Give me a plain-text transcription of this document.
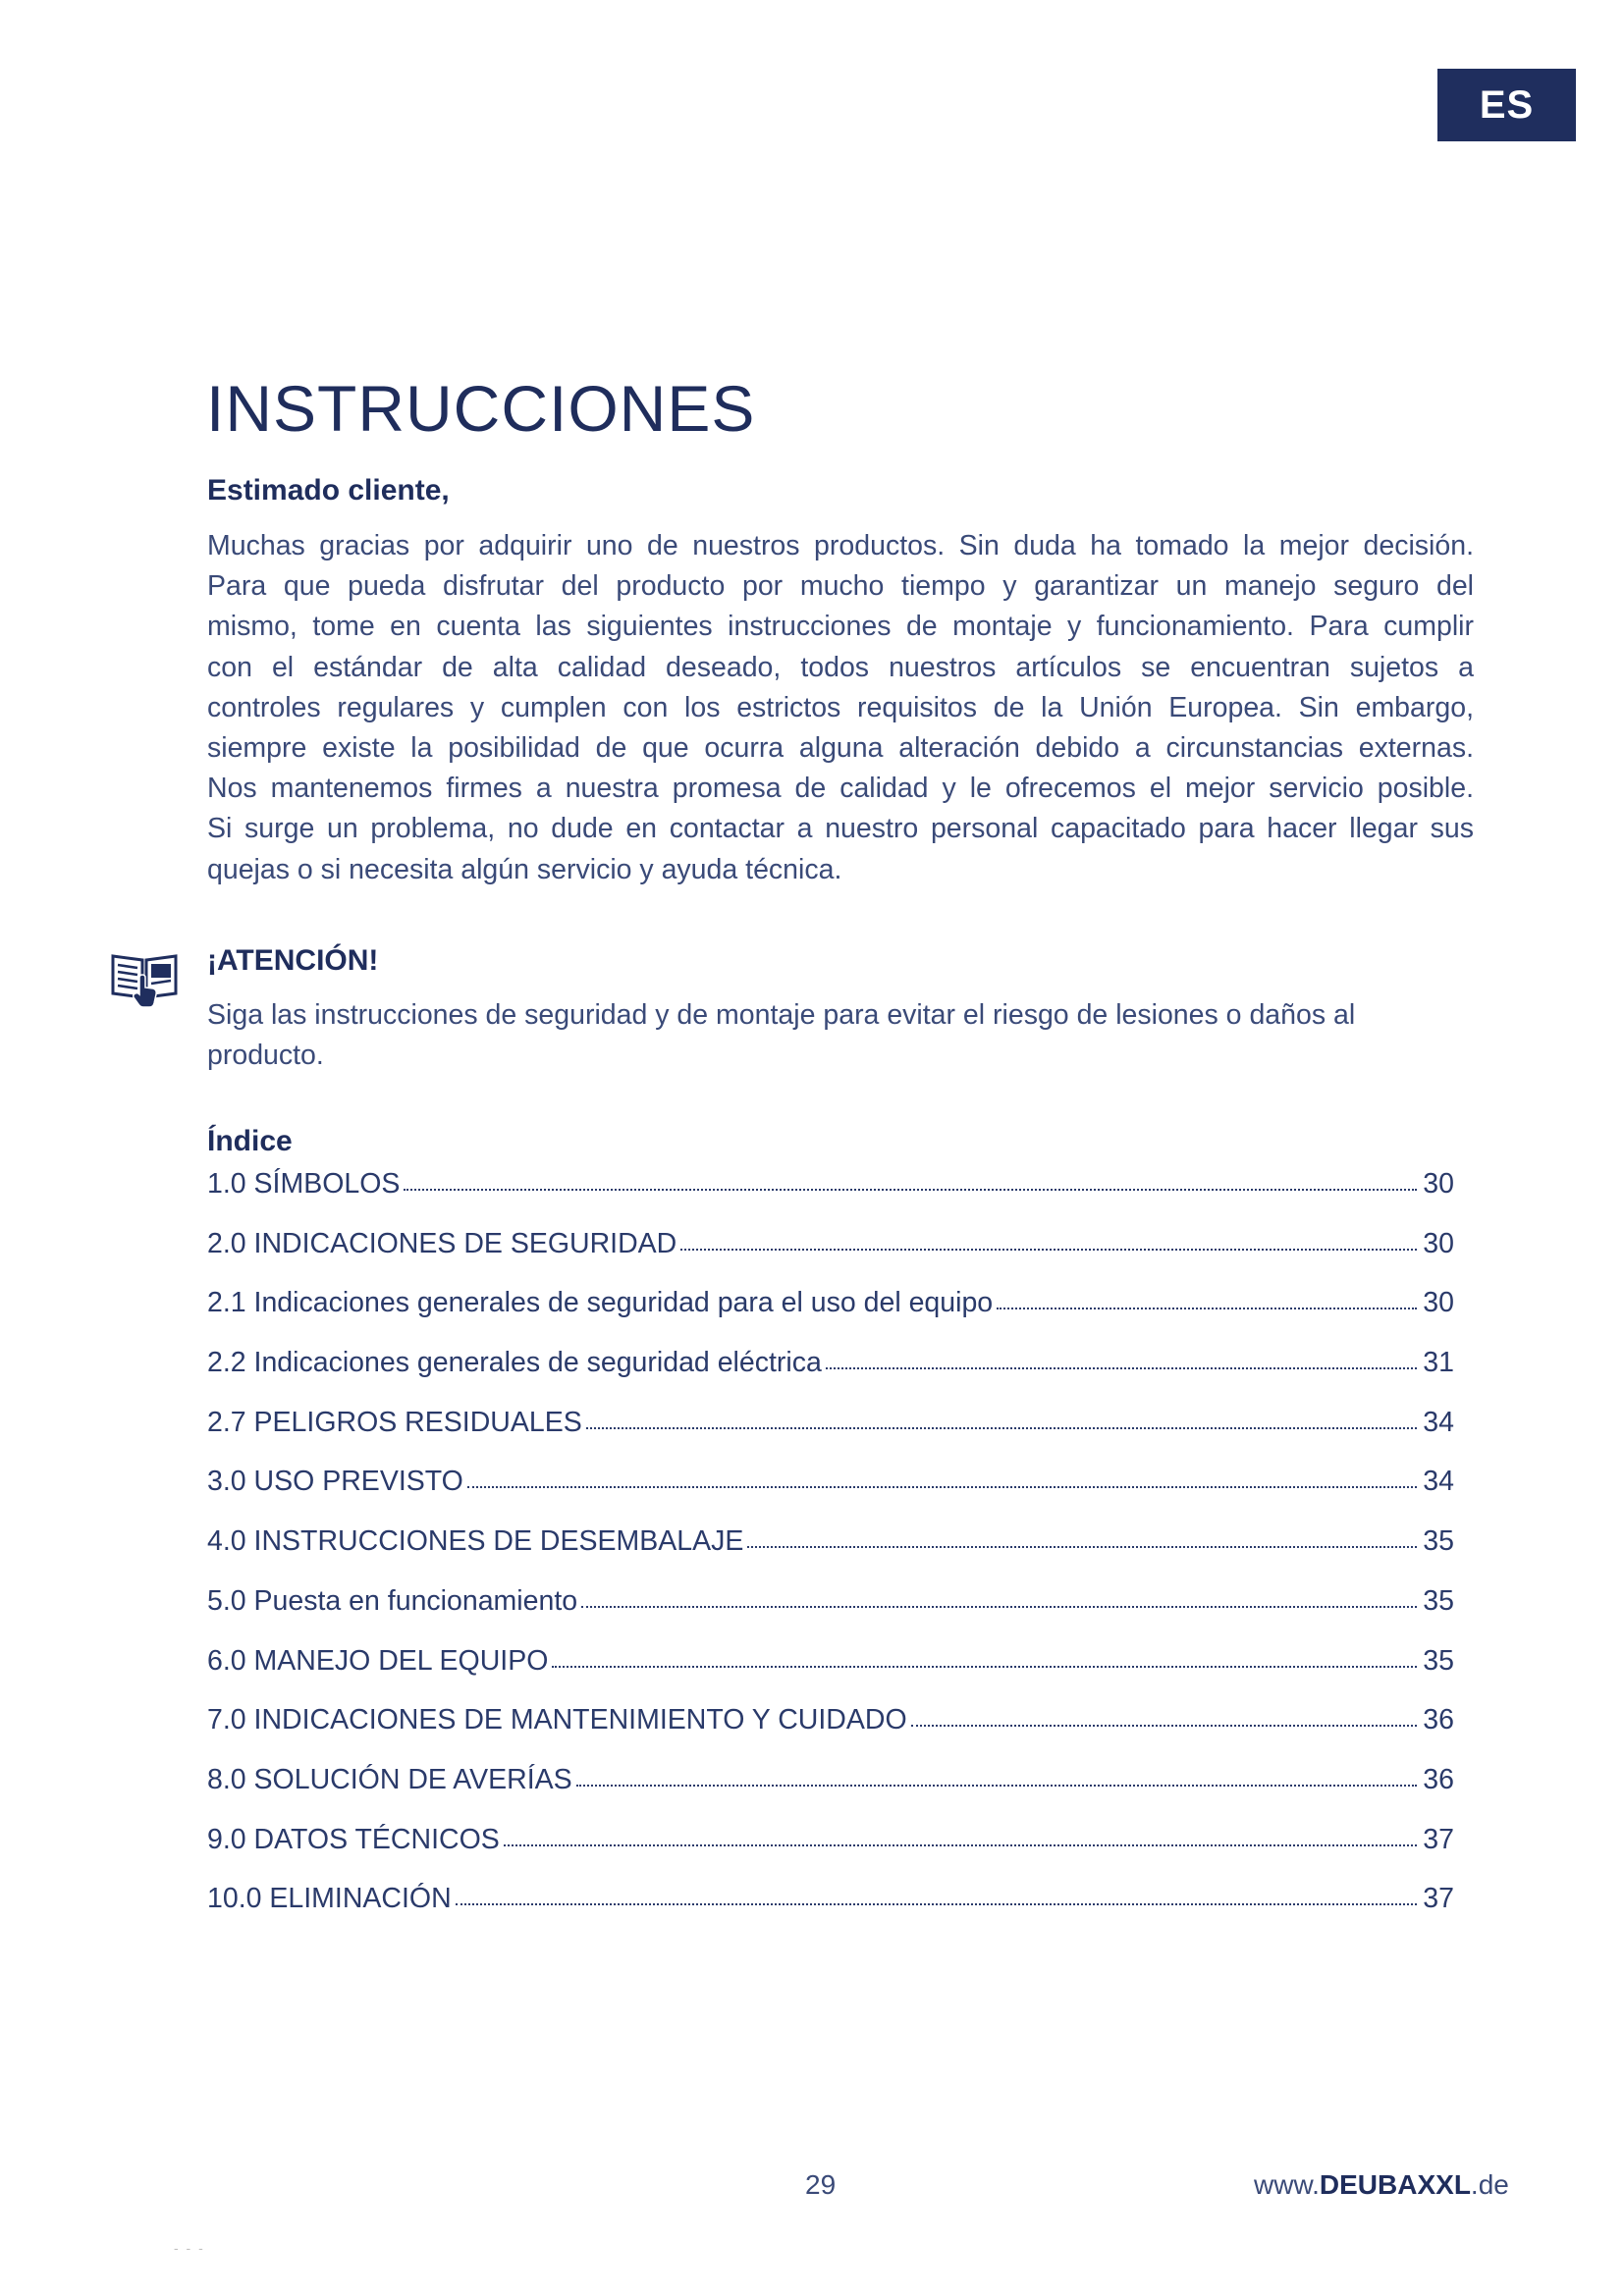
ES
INSTRUCCIONES
Estimado cliente,
Muchas gracias por adquirir uno de nuestros productos. Sin duda ha tomado la mejor decisión.
Para que pueda disfrutar del producto por mucho tiempo y garantizar un manejo seguro del
mismo, tome en cuenta las siguientes instrucciones de montaje y funcionamiento. Para cumplir
con el estándar de alta calidad deseado, todos nuestros artículos se encuentran sujetos a
controles regulares y cumplen con los estrictos requisitos de la Unión Europea. Sin embargo,
siempre existe la posibilidad de que ocurra alguna alteración debido a circunstancias externas.
Nos mantenemos firmes a nuestra promesa de calidad y le ofrecemos el mejor servicio posible.
Si surge un problema, no dude en contactar a nuestro personal capacitado para hacer llegar sus
quejas o si necesita algún servicio y ayuda técnica.
¡ATENCIÓN!
Siga las instrucciones de seguridad y de montaje para evitar el riesgo de lesiones o daños al
producto.
Índice
1.0 SÍMBOLOS	30
2.0 INDICACIONES DE SEGURIDAD	30
2.1 Indicaciones generales de seguridad para el uso del equipo	30
2.2 Indicaciones generales de seguridad eléctrica	31
2.7 PELIGROS RESIDUALES	34
3.0 USO PREVISTO	34
4.0 INSTRUCCIONES DE DESEMBALAJE	35
5.0 Puesta en funcionamiento	35
6.0 MANEJO DEL EQUIPO	35
7.0 INDICACIONES DE MANTENIMIENTO Y CUIDADO	36
8.0 SOLUCIÓN DE AVERÍAS	36
9.0 DATOS TÉCNICOS	37
10.0 ELIMINACIÓN	37
29	www.DEUBAXXL.de
- - -
